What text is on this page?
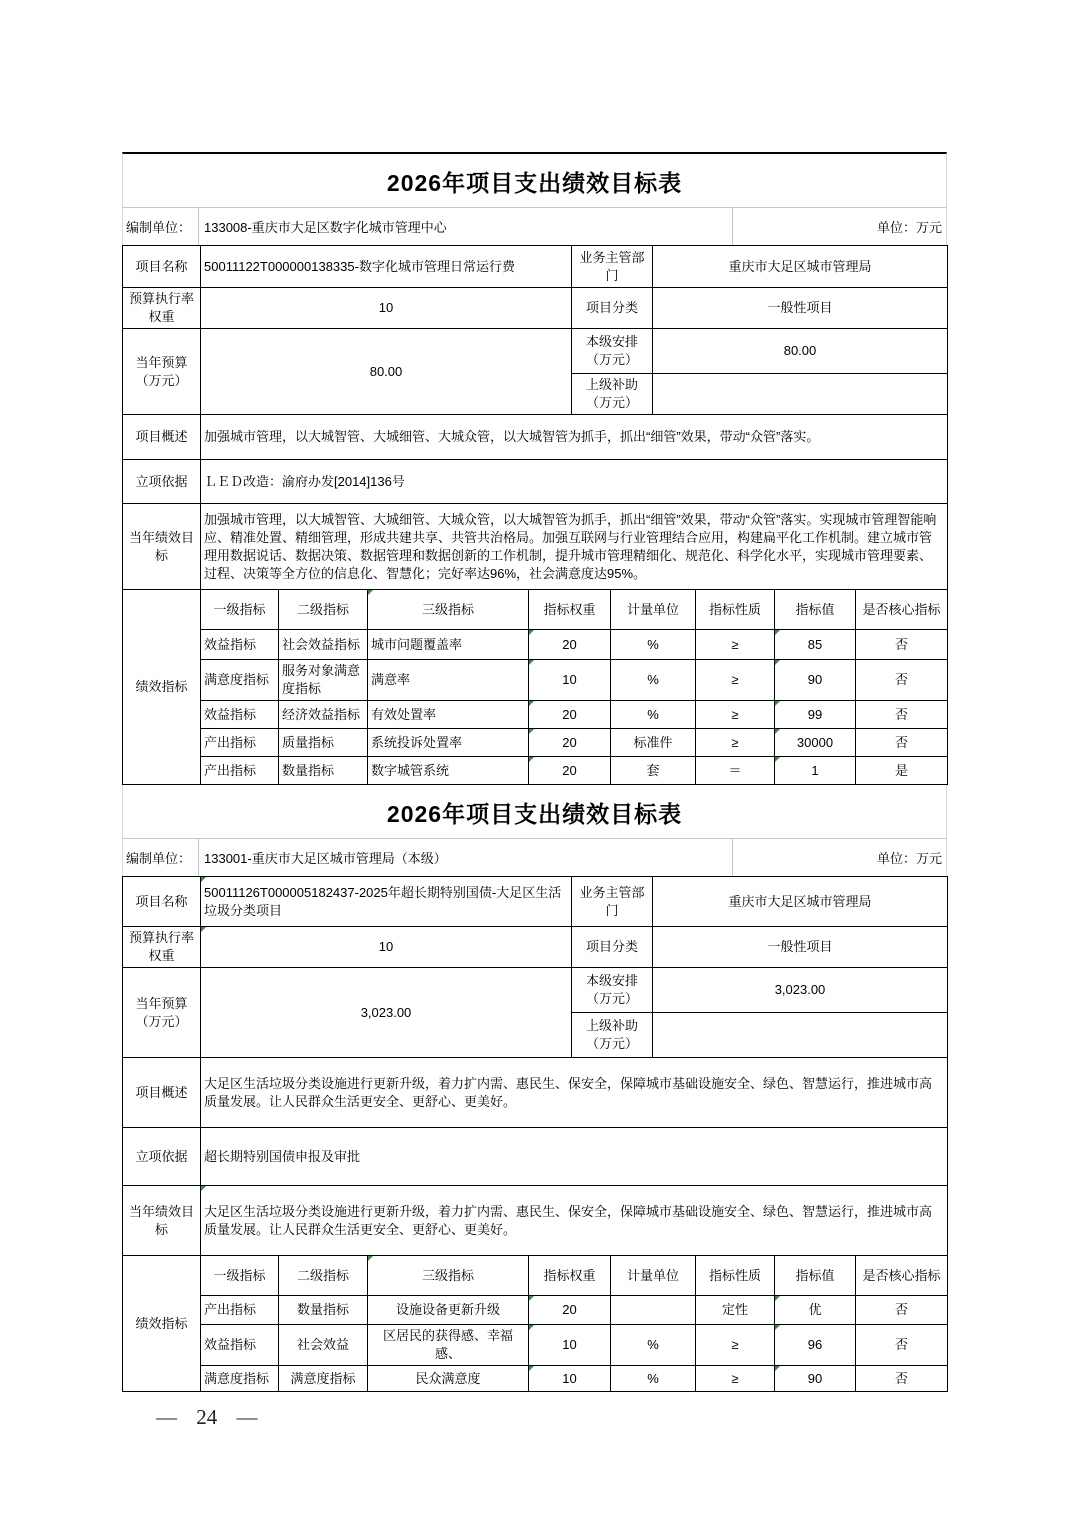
2026年项目支出绩效目标表
编制单位： 133008-重庆市大足区数字化城市管理中心	单位：万元
项目名称	50011122T000000138335-数字化城市管理日常运行费	业务主管部门	重庆市大足区城市管理局
预算执行率权重	10	项目分类	一般性项目
当年预算（万元）	80.00	本级安排（万元）	80.00
		上级补助（万元）	
项目概述	加强城市管理，以大城智管、大城细管、大城众管，以大城智管为抓手，抓出“细管”效果，带动“众管”落实。		
立项依据	ＬＥＤ改造：渝府办发[2014]136号		
当年绩效目标	加强城市管理，以大城智管、大城细管、大城众管，以大城智管为抓手，抓出“细管”效果，带动“众管”落实。实现城市管理智能响应、精准处置、精细管理，形成共建共享、共管共治格局。加强互联网与行业管理结合应用，构建扁平化工作机制。建立城市管理用数据说话、数据决策、数据管理和数据创新的工作机制，提升城市管理精细化、规范化、科学化水平，实现城市管理要素、过程、决策等全方位的信息化、智慧化；完好率达96%，社会满意度达95%。		
绩效指标	一级指标	二级指标	三级指标	指标权重	计量单位	指标性质	指标值	是否核心指标
	效益指标	社会效益指标	城市问题覆盖率	20	%	≥	85	否
	满意度指标	服务对象满意度指标	满意率	10	%	≥	90	否
	效益指标	经济效益指标	有效处置率	20	%	≥	99	否
	产出指标	质量指标	系统投诉处置率	20	标准件	≥	30000	否
	产出指标	数量指标	数字城管系统	20	套	＝	1	是
2026年项目支出绩效目标表
编制单位： 133001-重庆市大足区城市管理局（本级）	单位：万元
项目名称	50011126T000005182437-2025年超长期特别国债-大足区生活垃圾分类项目	业务主管部门	重庆市大足区城市管理局
预算执行率权重	10	项目分类	一般性项目
当年预算（万元）	3,023.00	本级安排（万元）	3,023.00
		上级补助（万元）	
项目概述	大足区生活垃圾分类设施进行更新升级，着力扩内需、惠民生、保安全，保障城市基础设施安全、绿色、智慧运行，推进城市高质量发展。让人民群众生活更安全、更舒心、更美好。		
立项依据	超长期特别国债申报及审批		
当年绩效目标	大足区生活垃圾分类设施进行更新升级，着力扩内需、惠民生、保安全，保障城市基础设施安全、绿色、智慧运行，推进城市高质量发展。让人民群众生活更安全、更舒心、更美好。		
绩效指标	一级指标	二级指标	三级指标	指标权重	计量单位	指标性质	指标值	是否核心指标
	产出指标	数量指标	设施设备更新升级	20		定性	优	否
	效益指标	社会效益	区居民的获得感、幸福感、	10	%	≥	96	否
	满意度指标	满意度指标	民众满意度	10	%	≥	90	否
— 24 —
